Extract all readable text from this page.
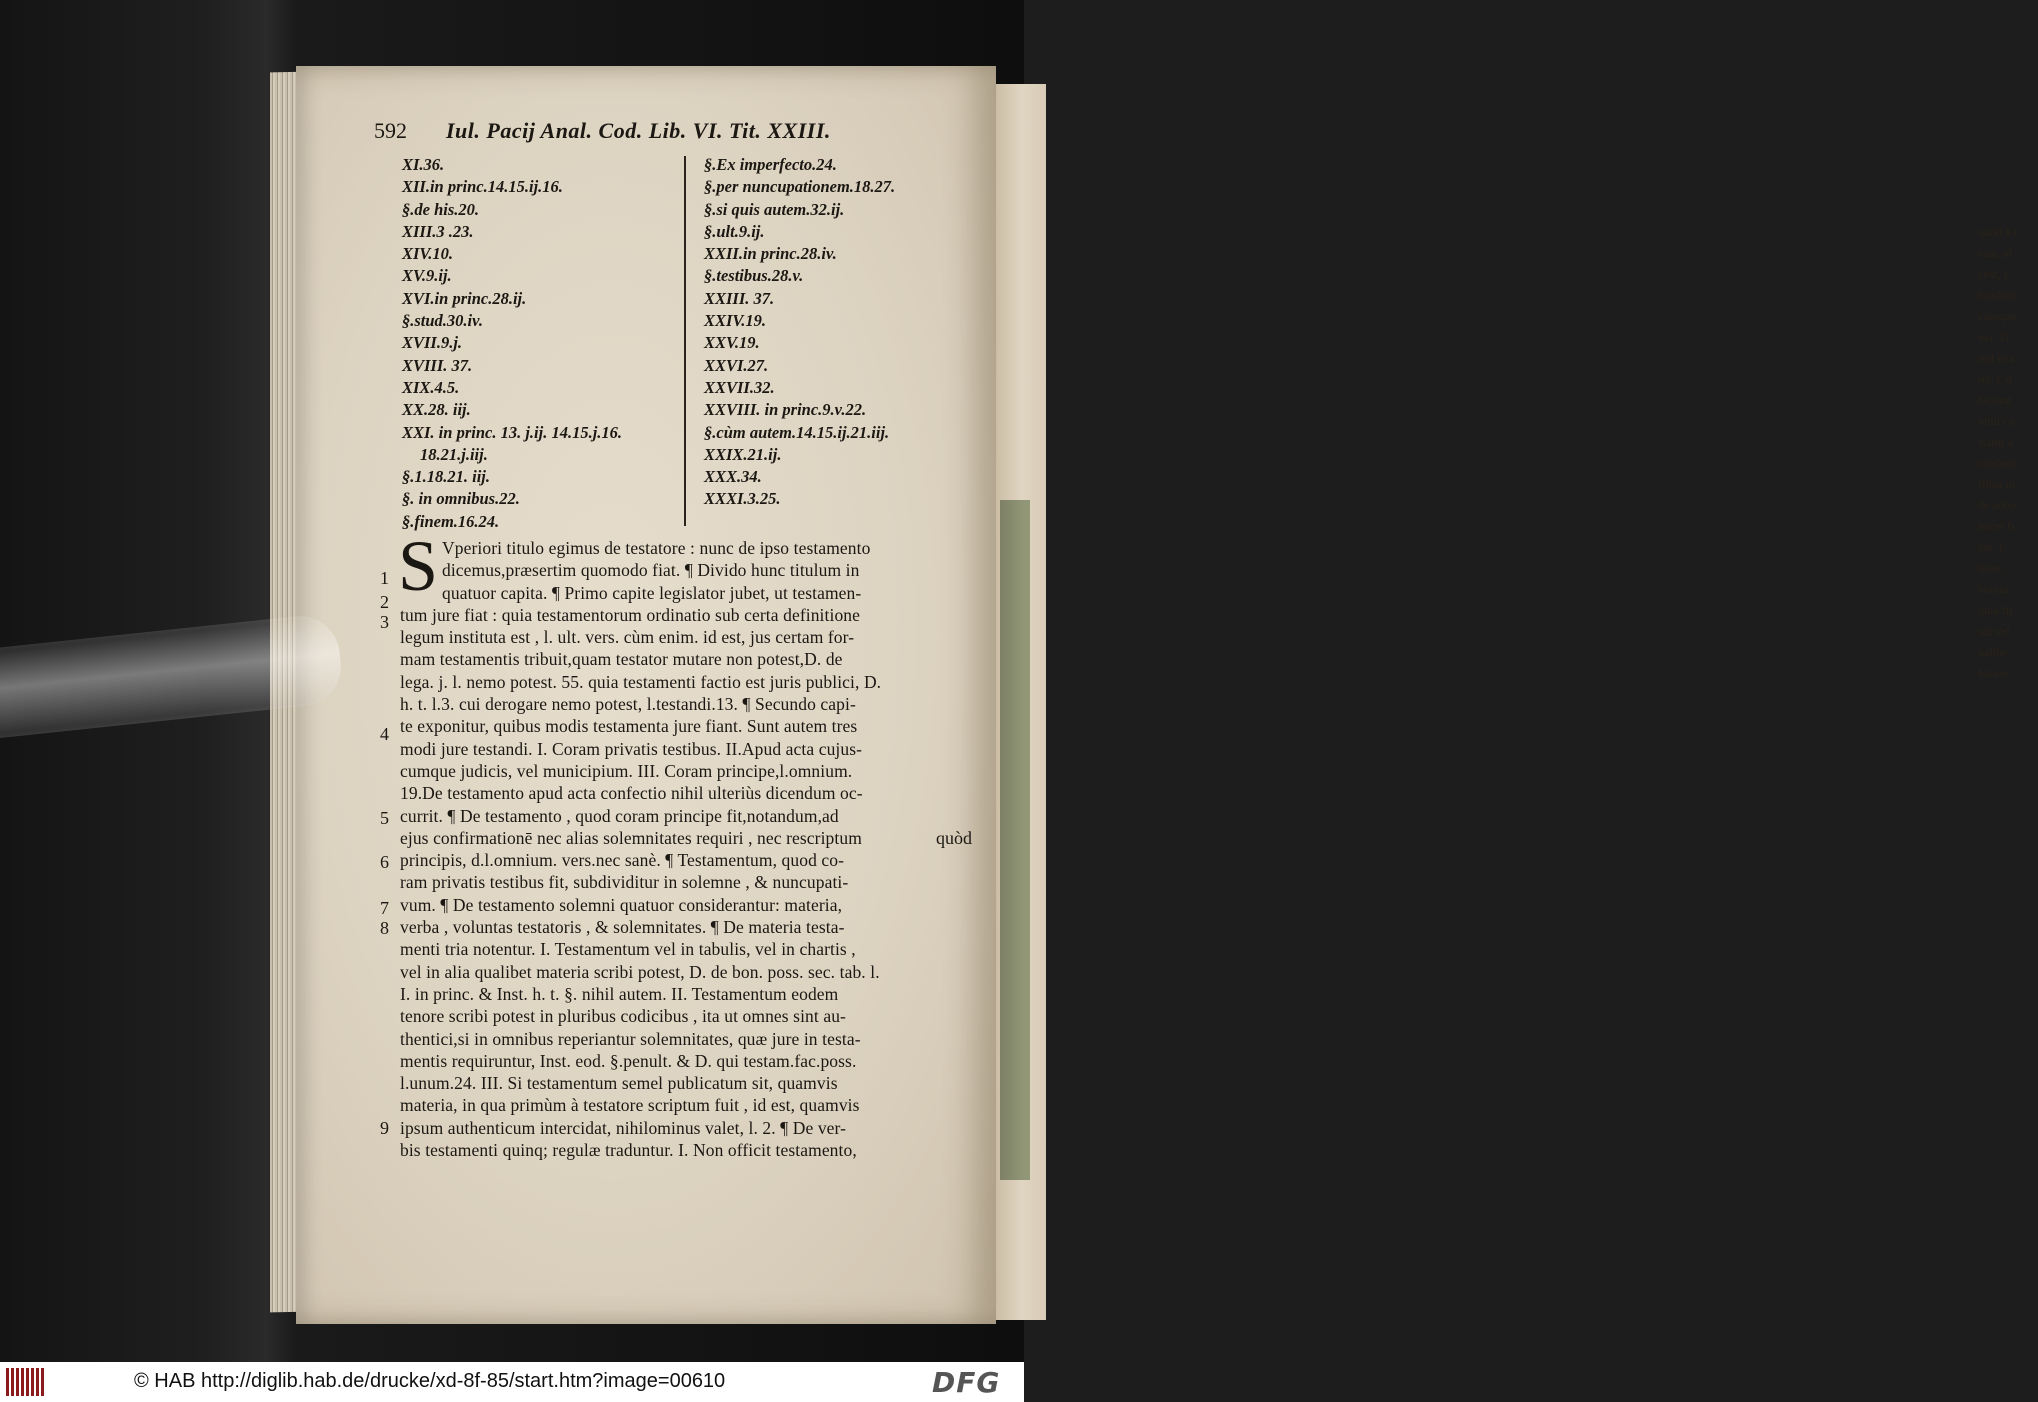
quòd à t
tum, ul
cent, l.
fundam
cumque
ma, 21.
sed etia
ret, l. q
faciunt
nihil cu
stator a
modum
filius m
de adop
nocet fi
bat. l.
tione,
homin
quia fil
sui vel.
nalibe
bation
592	Iul. Pacij Anal. Cod. Lib. VI. Tit. XXIII.
XI.36.
XII.in princ.14.15.ij.16.
§.de his.20.
XIII.3 .23.
XIV.10.
XV.9.ij.
XVI.in princ.28.ij.
§.stud.30.iv.
XVII.9.j.
XVIII. 37.
XIX.4.5.
XX.28. iij.
XXI. in princ. 13. j.ij. 14.15.j.16.
18.21.j.iij.
§.1.18.21. iij.
§. in omnibus.22.
§.finem.16.24.
§.Ex imperfecto.24.
§.per nuncupationem.18.27.
§.si quis autem.32.ij.
§.ult.9.ij.
XXII.in princ.28.iv.
§.testibus.28.v.
XXIII. 37.
XXIV.19.
XXV.19.
XXVI.27.
XXVII.32.
XXVIII. in princ.9.v.22.
§.cùm autem.14.15.ij.21.iij.
XXIX.21.ij.
XXX.34.
XXXI.3.25.
S Vperiori titulo egimus de testatore : nunc de ipso testamento
dicemus,præsertim quomodo fiat. ¶ Divido hunc titulum in
quatuor capita. ¶ Primo capite legislator jubet, ut testamen-
tum jure fiat : quia testamentorum ordinatio sub certa definitione
legum instituta est , l. ult. vers. cùm enim. id est, jus certam for-
mam testamentis tribuit,quam testator mutare non potest,D. de
lega. j. l. nemo potest. 55. quia testamenti factio est juris publici, D.
h. t. l.3. cui derogare nemo potest, l.testandi.13. ¶ Secundo capi-
te exponitur, quibus modis testamenta jure fiant. Sunt autem tres
modi jure testandi. I. Coram privatis testibus. II.Apud acta cujus-
cumque judicis, vel municipium. III. Coram principe,l.omnium.
19.De testamento apud acta confectio nihil ulteriùs dicendum oc-
currit. ¶ De testamento , quod coram principe fit,notandum,ad
ejus confirmationē nec alias solemnitates requiri , nec rescriptum
principis, d.l.omnium. vers.nec sanè. ¶ Testamentum, quod co-
ram privatis testibus fit, subdividitur in solemne , & nuncupati-
vum. ¶ De testamento solemni quatuor considerantur: materia,
verba , voluntas testatoris , & solemnitates. ¶ De materia testa-
menti tria notentur. I. Testamentum vel in tabulis, vel in chartis ,
vel in alia qualibet materia scribi potest, D. de bon. poss. sec. tab. l.
I. in princ. & Inst. h. t. §. nihil autem. II. Testamentum eodem
tenore scribi potest in pluribus codicibus , ita ut omnes sint au-
thentici,si in omnibus reperiantur solemnitates, quæ jure in testa-
mentis requiruntur, Inst. eod. §.penult. & D. qui testam.fac.poss.
l.unum.24. III. Si testamentum semel publicatum sit, quamvis
materia, in qua primùm à testatore scriptum fuit , id est, quamvis
ipsum authenticum intercidat, nihilominus valet, l. 2. ¶ De ver-
bis testamenti quinq; regulæ traduntur. I. Non officit testamento,
quòd
1
2
3
4
5
6
7
8
9
© HAB http://diglib.hab.de/drucke/xd-8f-85/start.htm?image=00610	DFG
